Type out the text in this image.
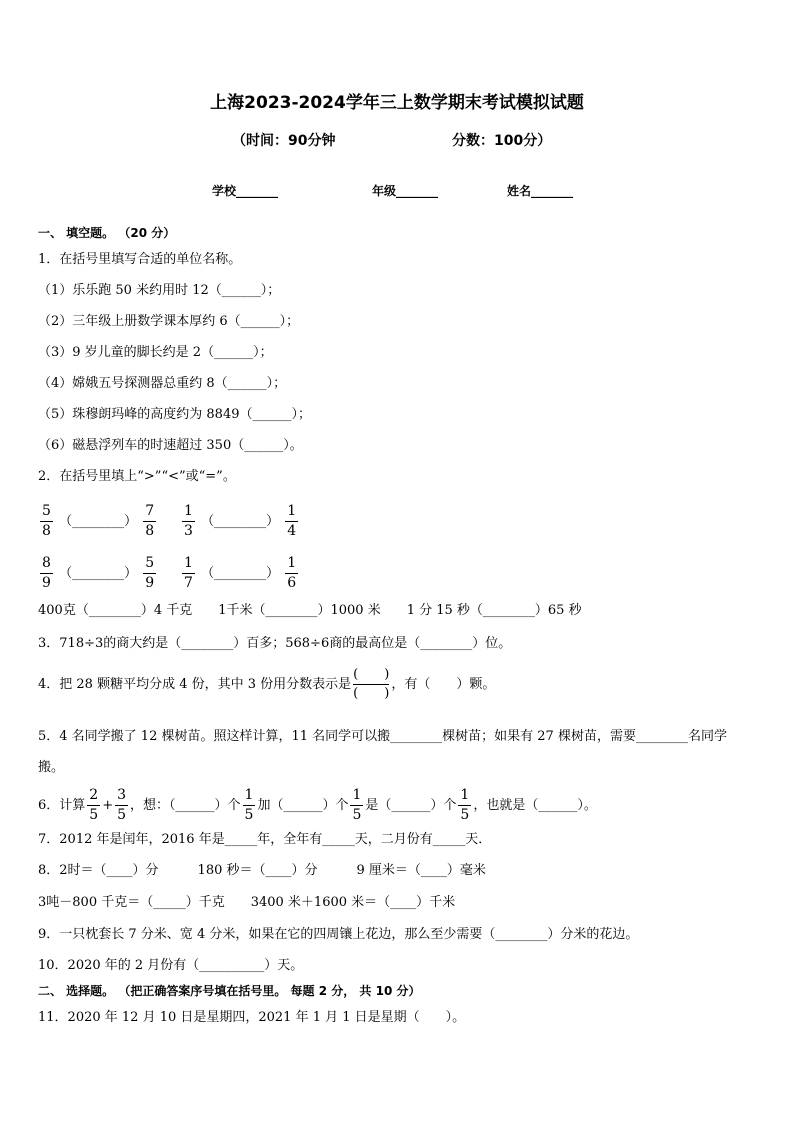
上海2023-2024学年三上数学期末考试模拟试题
（时间：90分钟	分数：100分）
学校_______	年级_______	姓名_______
一、 填空题。 （20 分）
1．在括号里填写合适的单位名称。
（1）乐乐跑 50 米约用时 12（______）；
（2）三年级上册数学课本厚约 6（______）；
（3）9 岁儿童的脚长约是 2（______）；
（4）嫦娥五号探测器总重约 8（______）；
（5）珠穆朗玛峰的高度约为 8849（______）；
（6）磁悬浮列车的时速超过 350（______）。
2．在括号里填上“>”“<”或“=”。
$\frac{5}{8}$ （________） $\frac{7}{8} \frac{1}{3}$ （________） $\frac{1}{4}$
$\frac{8}{9}$ （________） $\frac{5}{9} \frac{1}{7}$ （________） $\frac{1}{6}$
400克（________）4 千克　　1千米（________）1000 米　　1 分 15 秒（________）65 秒
3．718÷3的商大约是（________）百多；568÷6商的最高位是（________）位。
4．把 28 颗糖平均分成 4 份，其中 3 份用分数表示是 $\frac{( )}{( )}$ ，有（　　）颗。
5．4 名同学搬了 12 棵树苗。照这样计算，11 名同学可以搬________棵树苗；如果有 27 棵树苗，需要________名同学
搬。
6．计算 $\frac{2}{5} + \frac{3}{5}$ ，想：（______）个 $\frac{1}{5}$ 加（______）个 $\frac{1}{5}$ 是（______）个 $\frac{1}{5}$ ，也就是（______）。
7．2012 年是闰年，2016 年是_____年，全年有_____天，二月份有_____天．
8．2时＝（____）分　　　180 秒＝（____）分　　　9 厘米＝（____）毫米
3吨－800 千克＝（_____）千克　　3400 米＋1600 米＝（____）千米
9．一只枕套长 7 分米、宽 4 分米，如果在它的四周镶上花边，那么至少需要（________）分米的花边。
10．2020 年的 2 月份有（__________）天。
二、 选择题。 （把正确答案序号填在括号里。 每题 2 分， 共 10 分）
11．2020 年 12 月 10 日是星期四，2021 年 1 月 1 日是星期（　　）。
